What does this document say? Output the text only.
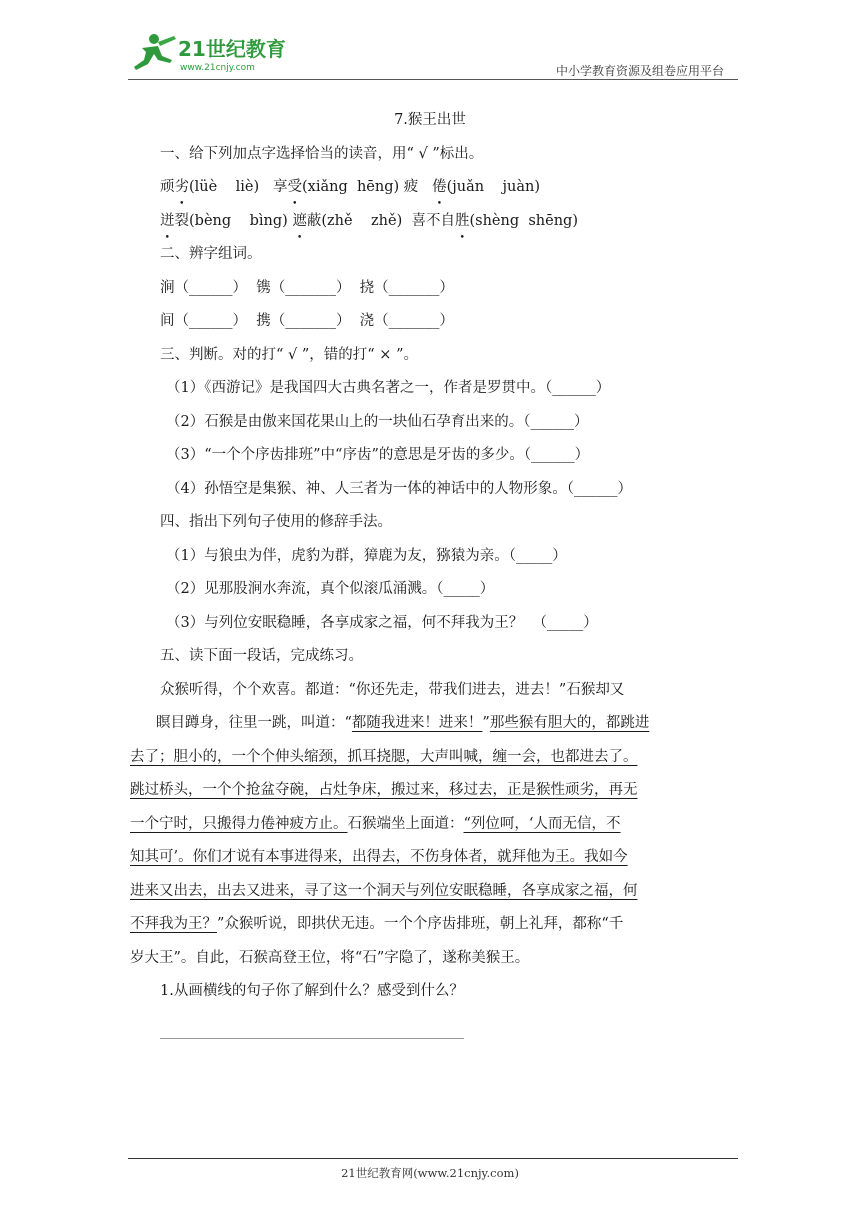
21世纪教育
www.21cnjy.com	中小学教育资源及组卷应用平台
7.猴王出世
一、给下列加点字选择恰当的读音，用“ √ ”标出。
顽劣(lüè    liè)   享受(xiǎng  hēng) 疲   倦(juǎn    juàn)
迸裂(bèng    bìng) 遮蔽(zhě    zhě)  喜不自胜(shèng  shēng)
二、辨字组词。
涧（______）  镌（_______）  挠（_______）
间（______）  携（_______）  浇（_______）
三、判断。对的打“ √ ”，错的打“ × ”。
（1）《西游记》是我国四大古典名著之一，作者是罗贯中。（______）
（2）石猴是由傲来国花果山上的一块仙石孕育出来的。（______）
（3）“一个个序齿排班”中“序齿”的意思是牙齿的多少。（______）
（4）孙悟空是集猴、神、人三者为一体的神话中的人物形象。（______）
四、指出下列句子使用的修辞手法。
（1）与狼虫为伴，虎豹为群，獐鹿为友，猕猿为亲。（_____）
（2）见那股涧水奔流，真个似滚瓜涌溅。（_____）
（3）与列位安眠稳睡，各享成家之福，何不拜我为王？  （_____）
五、读下面一段话，完成练习。
众猴听得，个个欢喜。都道：“你还先走，带我们进去，进去！”石猴却又
瞑目蹲身，往里一跳，叫道：“都随我进来！进来！”那些猴有胆大的，都跳进
去了；胆小的，一个个伸头缩颈，抓耳挠腮，大声叫喊，缠一会，也都进去了。
跳过桥头，一个个抢盆夺碗，占灶争床，搬过来，移过去，正是猴性顽劣，再无
一个宁时，只搬得力倦神疲方止。石猴端坐上面道：“列位呵，‘人而无信，不
知其可’。你们才说有本事进得来，出得去，不伤身体者，就拜他为王。我如今
进来又出去，出去又进来，寻了这一个洞天与列位安眠稳睡，各享成家之福，何
不拜我为王？”众猴听说，即拱伏无违。一个个序齿排班，朝上礼拜，都称“千
岁大王”。自此，石猴高登王位，将“石”字隐了，遂称美猴王。
1.从画横线的句子你了解到什么？感受到什么？
21世纪教育网(www.21cnjy.com)
